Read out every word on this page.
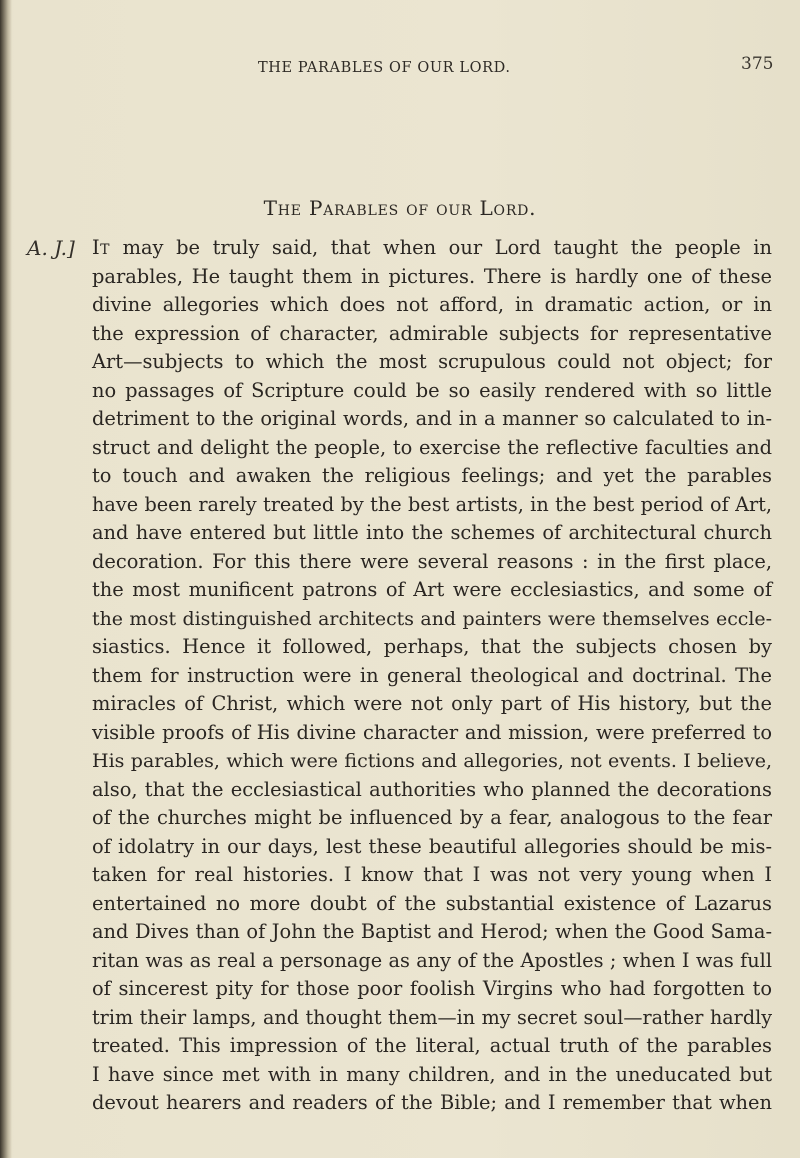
THE PARABLES OF OUR LORD.	375
The Parables of our Lord.
A. J.] It may be truly said, that when our Lord taught the people in
parables, He taught them in pictures. There is hardly one of these
divine allegories which does not afford, in dramatic action, or in
the expression of character, admirable subjects for representative
Art—subjects to which the most scrupulous could not object; for
no passages of Scripture could be so easily rendered with so little
detriment to the original words, and in a manner so calculated to in-
struct and delight the people, to exercise the reflective faculties and
to touch and awaken the religious feelings; and yet the parables
have been rarely treated by the best artists, in the best period of Art,
and have entered but little into the schemes of architectural church
decoration. For this there were several reasons : in the first place,
the most munificent patrons of Art were ecclesiastics, and some of
the most distinguished architects and painters were themselves eccle-
siastics. Hence it followed, perhaps, that the subjects chosen by
them for instruction were in general theological and doctrinal. The
miracles of Christ, which were not only part of His history, but the
visible proofs of His divine character and mission, were preferred to
His parables, which were fictions and allegories, not events. I believe,
also, that the ecclesiastical authorities who planned the decorations
of the churches might be influenced by a fear, analogous to the fear
of idolatry in our days, lest these beautiful allegories should be mis-
taken for real histories. I know that I was not very young when I
entertained no more doubt of the substantial existence of Lazarus
and Dives than of John the Baptist and Herod; when the Good Sama-
ritan was as real a personage as any of the Apostles ; when I was full
of sincerest pity for those poor foolish Virgins who had forgotten to
trim their lamps, and thought them—in my secret soul—rather hardly
treated. This impression of the literal, actual truth of the parables
I have since met with in many children, and in the uneducated but
devout hearers and readers of the Bible; and I remember that when
